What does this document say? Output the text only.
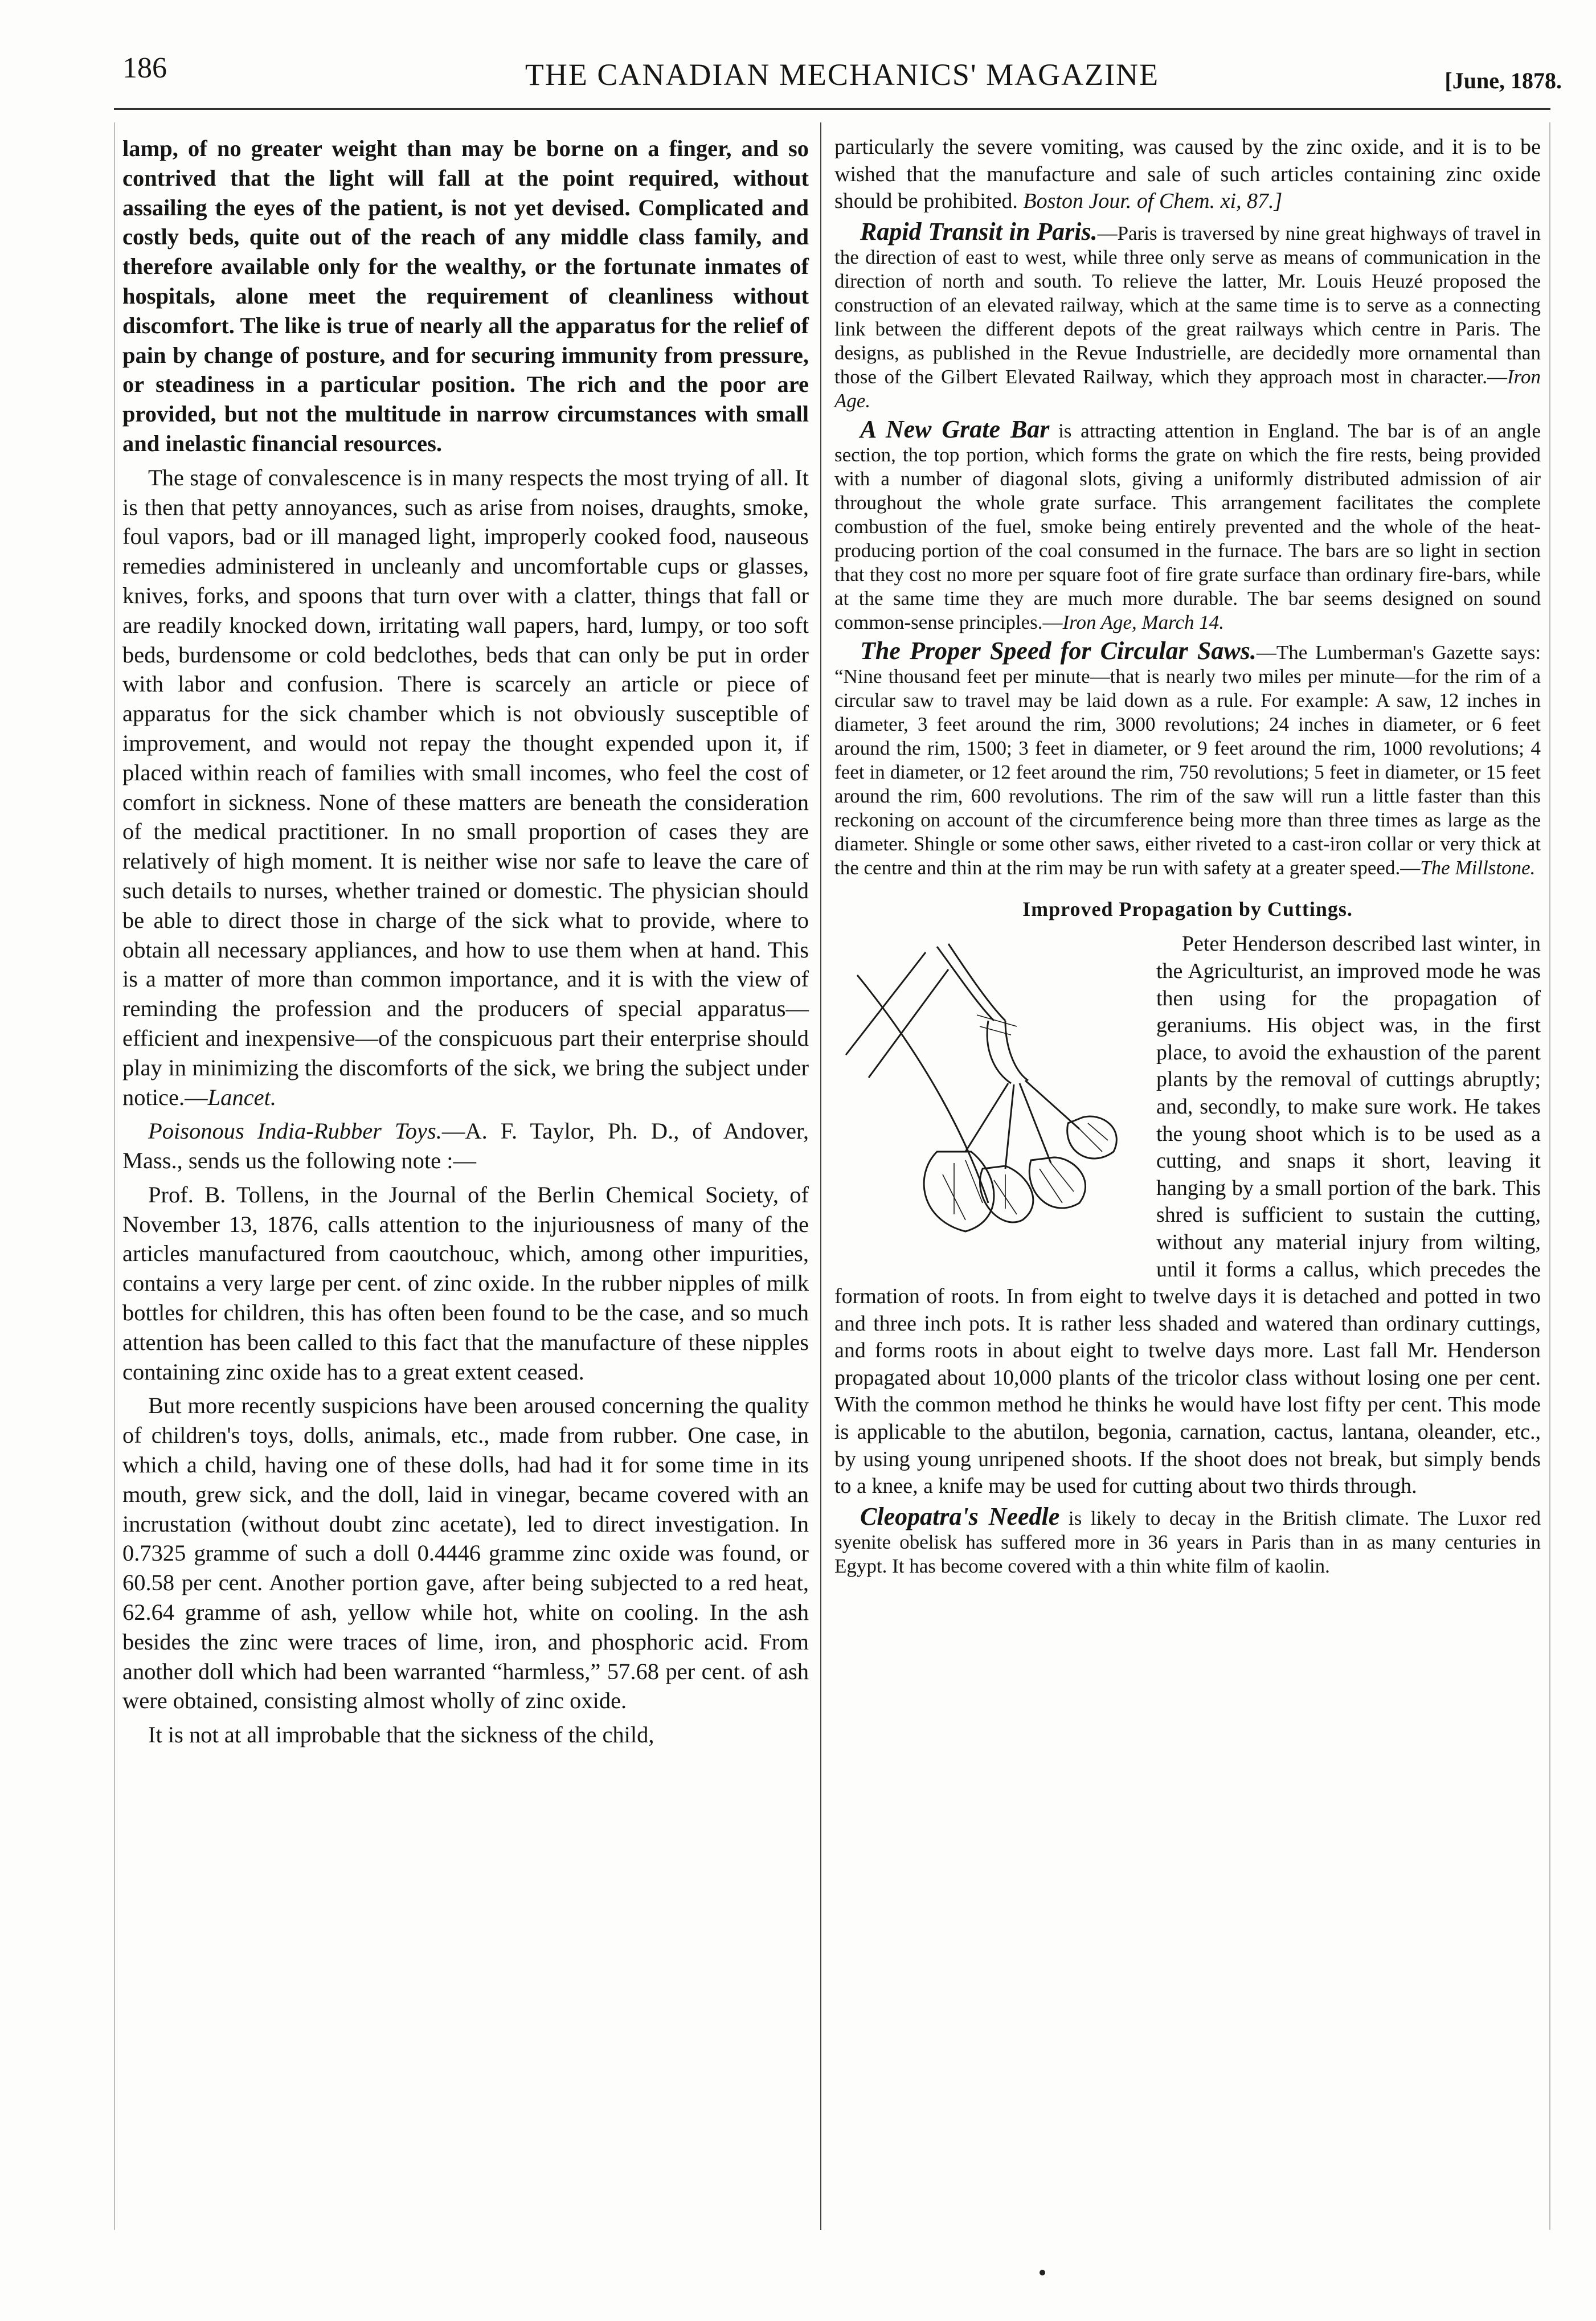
186	THE CANADIAN MECHANICS' MAGAZINE	[June, 1878.

lamp, of no greater weight than may be borne on a finger, and so contrived that the light will fall at the point required, without assailing the eyes of the patient, is not yet devised. Complicated and costly beds, quite out of the reach of any middle class family, and therefore available only for the wealthy, or the fortunate inmates of hospitals, alone meet the requirement of cleanliness without discomfort. The like is true of nearly all the apparatus for the relief of pain by change of posture, and for securing immunity from pressure, or steadiness in a particular position. The rich and the poor are provided, but not the multitude in narrow circumstances with small and inelastic financial resources.

The stage of convalescence is in many respects the most trying of all. It is then that petty annoyances, such as arise from noises, draughts, smoke, foul vapors, bad or ill managed light, improperly cooked food, nauseous remedies administered in uncleanly and uncomfortable cups or glasses, knives, forks, and spoons that turn over with a clatter, things that fall or are readily knocked down, irritating wall papers, hard, lumpy, or too soft beds, burdensome or cold bedclothes, beds that can only be put in order with labor and confusion. There is scarcely an article or piece of apparatus for the sick chamber which is not obviously susceptible of improvement, and would not repay the thought expended upon it, if placed within reach of families with small incomes, who feel the cost of comfort in sickness. None of these matters are beneath the consideration of the medical practitioner. In no small proportion of cases they are relatively of high moment. It is neither wise nor safe to leave the care of such details to nurses, whether trained or domestic. The physician should be able to direct those in charge of the sick what to provide, where to obtain all necessary appliances, and how to use them when at hand. This is a matter of more than common importance, and it is with the view of reminding the profession and the producers of special apparatus—efficient and inexpensive—of the conspicuous part their enterprise should play in minimizing the discomforts of the sick, we bring the subject under notice.—Lancet.

Poisonous India-Rubber Toys.—A. F. Taylor, Ph. D., of Andover, Mass., sends us the following note :—

Prof. B. Tollens, in the Journal of the Berlin Chemical Society, of November 13, 1876, calls attention to the injuriousness of many of the articles manufactured from caoutchouc, which, among other impurities, contains a very large per cent. of zinc oxide. In the rubber nipples of milk bottles for children, this has often been found to be the case, and so much attention has been called to this fact that the manufacture of these nipples containing zinc oxide has to a great extent ceased.

But more recently suspicions have been aroused concerning the quality of children's toys, dolls, animals, etc., made from rubber. One case, in which a child, having one of these dolls, had had it for some time in its mouth, grew sick, and the doll, laid in vinegar, became covered with an incrustation (without doubt zinc acetate), led to direct investigation. In 0.7325 gramme of such a doll 0.4446 gramme zinc oxide was found, or 60.58 per cent. Another portion gave, after being subjected to a red heat, 62.64 gramme of ash, yellow while hot, white on cooling. In the ash besides the zinc were traces of lime, iron, and phosphoric acid. From another doll which had been warranted “harmless,” 57.68 per cent. of ash were obtained, consisting almost wholly of zinc oxide.

It is not at all improbable that the sickness of the child,

particularly the severe vomiting, was caused by the zinc oxide, and it is to be wished that the manufacture and sale of such articles containing zinc oxide should be prohibited. Boston Jour. of Chem. xi, 87.]

Rapid Transit in Paris.—Paris is traversed by nine great highways of travel in the direction of east to west, while three only serve as means of communication in the direction of north and south. To relieve the latter, Mr. Louis Heuzé proposed the construction of an elevated railway, which at the same time is to serve as a connecting link between the different depots of the great railways which centre in Paris. The designs, as published in the Revue Industrielle, are decidedly more ornamental than those of the Gilbert Elevated Railway, which they approach most in character.—Iron Age.

A New Grate Bar is attracting attention in England. The bar is of an angle section, the top portion, which forms the grate on which the fire rests, being provided with a number of diagonal slots, giving a uniformly distributed admission of air throughout the whole grate surface. This arrangement facilitates the complete combustion of the fuel, smoke being entirely prevented and the whole of the heat-producing portion of the coal consumed in the furnace. The bars are so light in section that they cost no more per square foot of fire grate surface than ordinary fire-bars, while at the same time they are much more durable. The bar seems designed on sound common-sense principles.—Iron Age, March 14.

The Proper Speed for Circular Saws.—The Lumberman's Gazette says: “Nine thousand feet per minute—that is nearly two miles per minute—for the rim of a circular saw to travel may be laid down as a rule. For example: A saw, 12 inches in diameter, 3 feet around the rim, 3000 revolutions; 24 inches in diameter, or 6 feet around the rim, 1500; 3 feet in diameter, or 9 feet around the rim, 1000 revolutions; 4 feet in diameter, or 12 feet around the rim, 750 revolutions; 5 feet in diameter, or 15 feet around the rim, 600 revolutions. The rim of the saw will run a little faster than this reckoning on account of the circumference being more than three times as large as the diameter. Shingle or some other saws, either riveted to a cast-iron collar or very thick at the centre and thin at the rim may be run with safety at a greater speed.—The Millstone.

Improved Propagation by Cuttings.

Peter Henderson described last winter, in the Agriculturist, an improved mode he was then using for the propagation of geraniums. His object was, in the first place, to avoid the exhaustion of the parent plants by the removal of cuttings abruptly; and, secondly, to make sure work. He takes the young shoot which is to be used as a cutting, and snaps it short, leaving it hanging by a small portion of the bark. This shred is sufficient to sustain the cutting, without any material injury from wilting, until it forms a callus, which precedes the formation of roots. In from eight to twelve days it is detached and potted in two and three inch pots. It is rather less shaded and watered than ordinary cuttings, and forms roots in about eight to twelve days more. Last fall Mr. Henderson propagated about 10,000 plants of the tricolor class without losing one per cent. With the common method he thinks he would have lost fifty per cent. This mode is applicable to the abutilon, begonia, carnation, cactus, lantana, oleander, etc., by using young unripened shoots. If the shoot does not break, but simply bends to a knee, a knife may be used for cutting about two thirds through.

Cleopatra's Needle is likely to decay in the British climate. The Luxor red syenite obelisk has suffered more in 36 years in Paris than in as many centuries in Egypt. It has become covered with a thin white film of kaolin.
